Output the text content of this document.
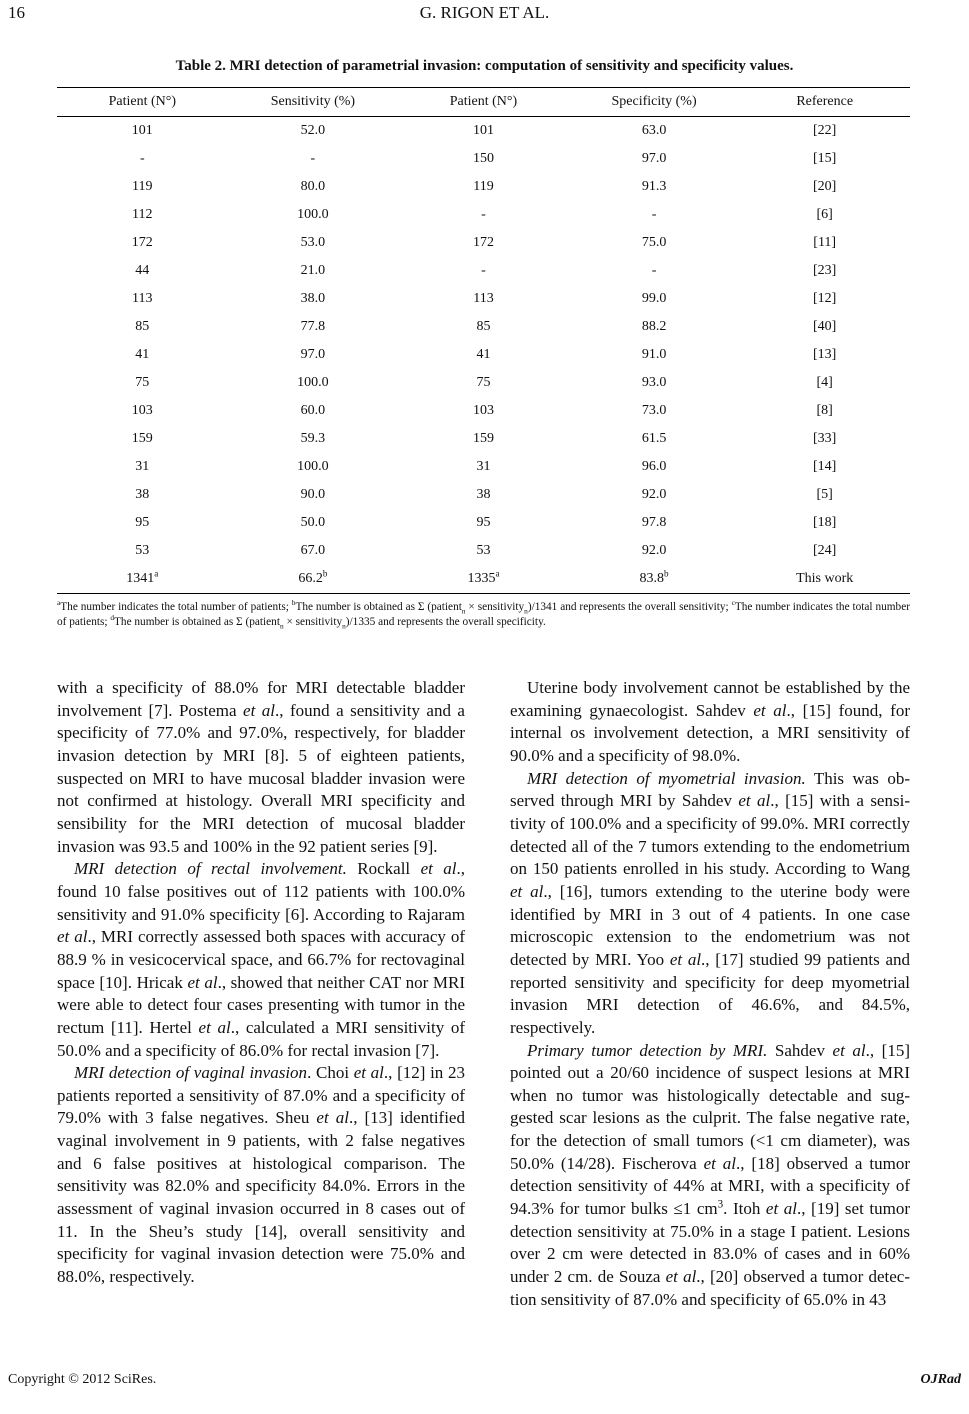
16	G. RIGON ET AL.
Table 2. MRI detection of parametrial invasion: computation of sensitivity and specificity values.
Patient (N°)	Sensitivity (%)	Patient (N°)	Specificity (%)	Reference
101	52.0	101	63.0	[22]
-	-	150	97.0	[15]
119	80.0	119	91.3	[20]
112	100.0	-	-	[6]
172	53.0	172	75.0	[11]
44	21.0	-	-	[23]
113	38.0	113	99.0	[12]
85	77.8	85	88.2	[40]
41	97.0	41	91.0	[13]
75	100.0	75	93.0	[4]
103	60.0	103	73.0	[8]
159	59.3	159	61.5	[33]
31	100.0	31	96.0	[14]
38	90.0	38	92.0	[5]
95	50.0	95	97.8	[18]
53	67.0	53	92.0	[24]
1341$^a$	66.2$^b$	1335$^a$	83.8$^b$	This work
$^a$The number indicates the total number of patients; $^b$The number is obtained as Σ (patient$_n$ × sensitivity$_n$)/1341 and represents the overall sensitivity; $^c$The number indicates the total number of patients; $^d$The number is obtained as Σ (patient$_n$ × sensitivity$_n$)/1335 and represents the overall specificity.

with a specificity of 88.0% for MRI detectable bladder involvement [7]. Postema et al., found a sensitivity and a specificity of 77.0% and 97.0%, respectively, for bladder invasion detection by MRI [8]. 5 of eighteen patients, suspected on MRI to have mucosal bladder invasion were not confirmed at histology. Overall MRI specificity and sensibility for the MRI detection of mucosal bladder invasion was 93.5 and 100% in the 92 patient series [9].

MRI detection of rectal involvement. Rockall et al., found 10 false positives out of 112 patients with 100.0% sensitivity and 91.0% specificity [6]. According to Rajaram et al., MRI correctly assessed both spaces with accuracy of 88.9 % in vesicocervical space, and 66.7% for rectovaginal space [10]. Hricak et al., showed that neither CAT nor MRI were able to detect four cases presenting with tumor in the rectum [11]. Hertel et al., calculated a MRI sensitivity of 50.0% and a specificity of 86.0% for rectal invasion [7].

MRI detection of vaginal invasion. Choi et al., [12] in 23 patients reported a sensitivity of 87.0% and a specificity of 79.0% with 3 false negatives. Sheu et al., [13] identified vaginal involvement in 9 patients, with 2 false negatives and 6 false positives at histological comparison. The sensitivity was 82.0% and specificity 84.0%. Errors in the assessment of vaginal invasion occurred in 8 cases out of 11. In the Sheu’s study [14], overall sensitivity and specificity for vaginal invasion detection were 75.0% and 88.0%, respectively.

Uterine body involvement cannot be established by the examining gynaecologist. Sahdev et al., [15] found, for internal os involvement detection, a MRI sensitivity of 90.0% and a specificity of 98.0%.

MRI detection of myometrial invasion. This was observed through MRI by Sahdev et al., [15] with a sensitivity of 100.0% and a specificity of 99.0%. MRI correctly detected all of the 7 tumors extending to the endometrium on 150 patients enrolled in his study. According to Wang et al., [16], tumors extending to the uterine body were identified by MRI in 3 out of 4 patients. In one case microscopic extension to the endometrium was not detected by MRI. Yoo et al., [17] studied 99 patients and reported sensitivity and specificity for deep myometrial invasion MRI detection of 46.6%, and 84.5%, respectively.

Primary tumor detection by MRI. Sahdev et al., [15] pointed out a 20/60 incidence of suspect lesions at MRI when no tumor was histologically detectable and suggested scar lesions as the culprit. The false negative rate, for the detection of small tumors (<1 cm diameter), was 50.0% (14/28). Fischerova et al., [18] observed a tumor detection sensitivity of 44% at MRI, with a specificity of 94.3% for tumor bulks ≤1 $cm^3$. Itoh et al., [19] set tumor detection sensitivity at 75.0% in a stage I patient. Lesions over 2 cm were detected in 83.0% of cases and in 60% under 2 cm. de Souza et al., [20] observed a tumor detection sensitivity of 87.0% and specificity of 65.0% in 43

Copyright © 2012 SciRes.	OJRad
